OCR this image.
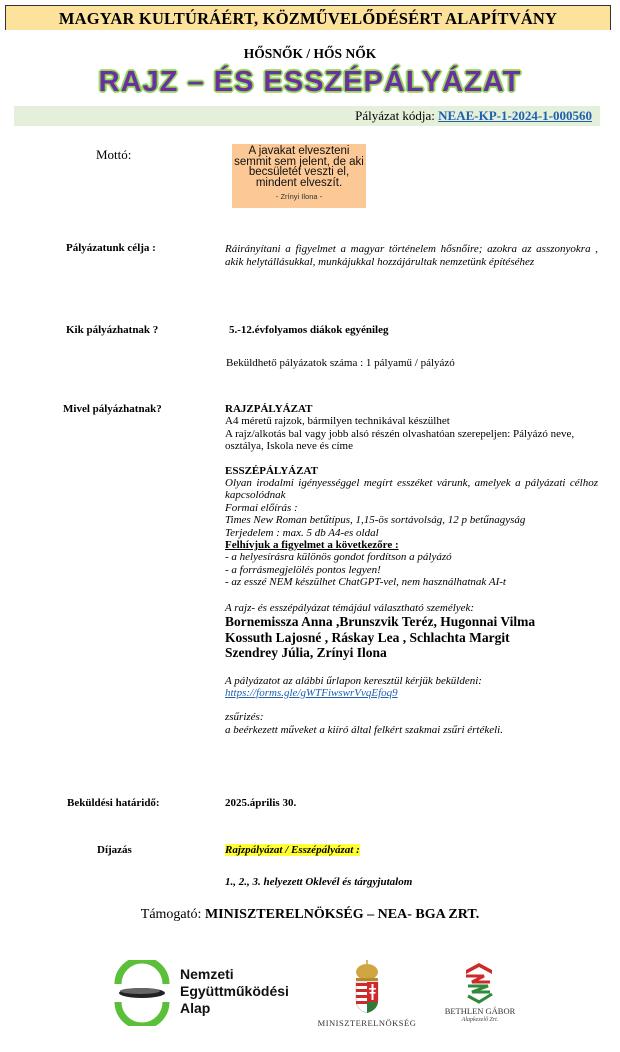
MAGYAR KULTÚRÁÉRT, KÖZMŰVELŐDÉSÉRT ALAPÍTVÁNY
HŐSNŐK / HŐS NŐK
RAJZ – ÉS ESSZÉPÁLYÁZAT
Pályázat kódja: NEAE-KP-1-2024-1-000560
Mottó:	A javakat elveszteni
semmit sem jelent, de aki
becsületét veszti el,
mindent elveszít.
- Zrínyi Ilona -
Pályázatunk célja :	Ráirányítani a figyelmet a magyar történelem hősnőire; azokra az asszonyokra , akik helytállásukkal, munkájukkal hozzájárultak nemzetünk építéséhez
Kik pályázhatnak ?	5.-12.évfolyamos diákok egyénileg
Beküldhető pályázatok száma : 1 pályamű / pályázó
Mivel pályázhatnak?	RAJZPÁLYÁZAT
A4 méretű rajzok, bármilyen technikával készülhet
A rajz/alkotás bal vagy jobb alsó részén olvashatóan szerepeljen: Pályázó neve, osztálya, Iskola neve és címe
ESSZÉPÁLYÁZAT
Olyan irodalmi igényességgel megírt esszéket várunk, amelyek a pályázati célhoz kapcsolódnak
Formai előírás :
Times New Roman betűtípus, 1,15-ös sortávolság, 12 p betűnagyság
Terjedelem : max. 5 db A4-es oldal
Felhívjuk a figyelmet a következőre :
- a helyesírásra különös gondot fordítson a pályázó
- a forrásmegjelölés pontos legyen!
- az esszé NEM készülhet ChatGPT-vel, nem használhatnak AI-t
A rajz- és esszépályázat témájául választható személyek:
Bornemissza Anna ,Brunszvik Teréz, Hugonnai Vilma
Kossuth Lajosné , Ráskay Lea , Schlachta Margit
Szendrey Júlia, Zrínyi Ilona
A pályázatot az alábbi űrlapon keresztül kérjük beküldeni:
https://forms.gle/gWTFiwswrVvqEfoq9
zsűrizés:
a beérkezett műveket a kiíró által felkért szakmai zsűri értékeli.
Beküldési határidő:	2025.április 30.
Díjazás	Rajzpályázat / Esszépályázat :
1., 2., 3. helyezett Oklevél és tárgyjutalom
Támogató: MINISZTERELNÖKSÉG – NEA- BGA ZRT.
Nemzeti
Együttműködési
Alap
MINISZTERELNÖKSÉG
BETHLEN GÁBOR
Alapkezelő Zrt.
